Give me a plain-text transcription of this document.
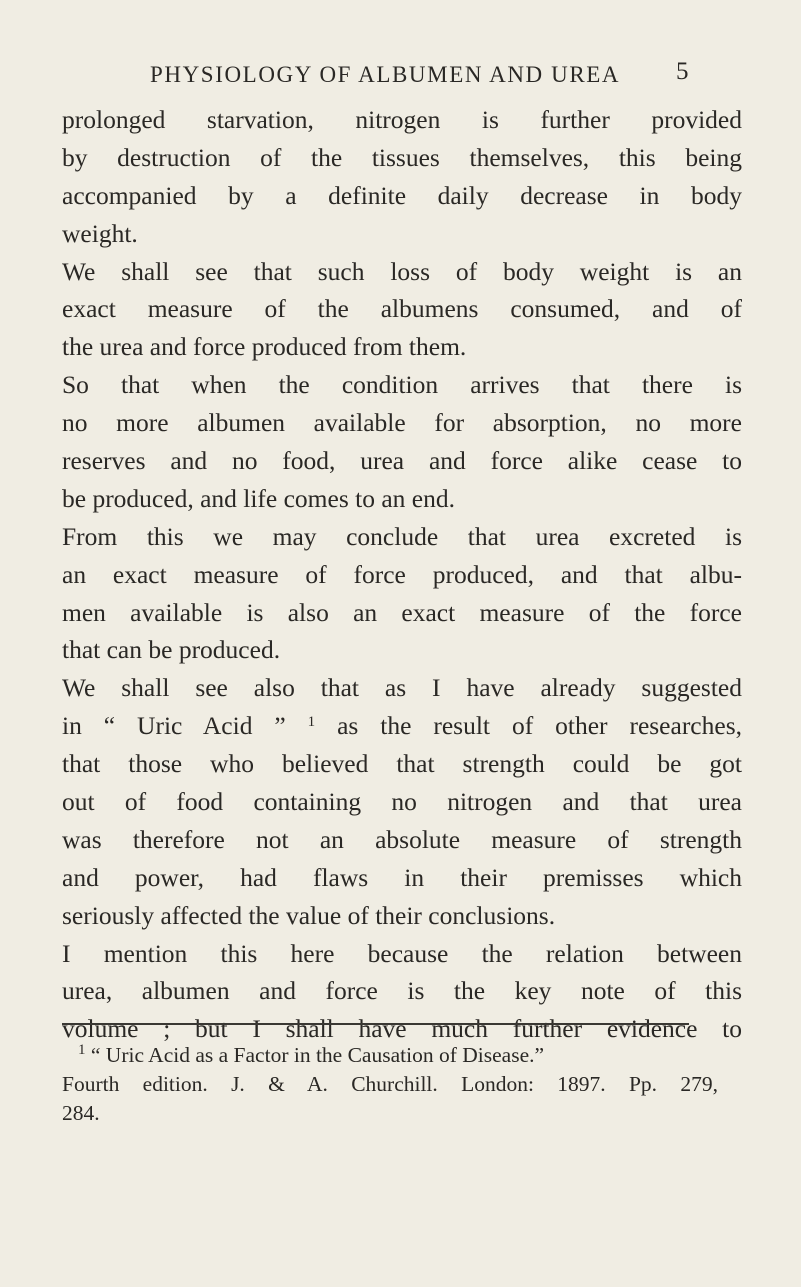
PHYSIOLOGY OF ALBUMEN AND UREA 5
prolonged starvation, nitrogen is further provided
by destruction of the tissues themselves, this being
accompanied by a definite daily decrease in body
weight.
We shall see that such loss of body weight is an
exact measure of the albumens consumed, and of
the urea and force produced from them.
So that when the condition arrives that there is
no more albumen available for absorption, no more
reserves and no food, urea and force alike cease to
be produced, and life comes to an end.
From this we may conclude that urea excreted is
an exact measure of force produced, and that albu-
men available is also an exact measure of the force
that can be produced.
We shall see also that as I have already suggested
in “ Uric Acid ” $^1$ as the result of other researches,
that those who believed that strength could be got
out of food containing no nitrogen and that urea
was therefore not an absolute measure of strength
and power, had flaws in their premisses which
seriously affected the value of their conclusions.
I mention this here because the relation between
urea, albumen and force is the key note of this
volume ; but I shall have much further evidence to
$^1$ “ Uric Acid as a Factor in the Causation of Disease.”
Fourth edition. J. & A. Churchill. London: 1897. Pp. 279,
284.
